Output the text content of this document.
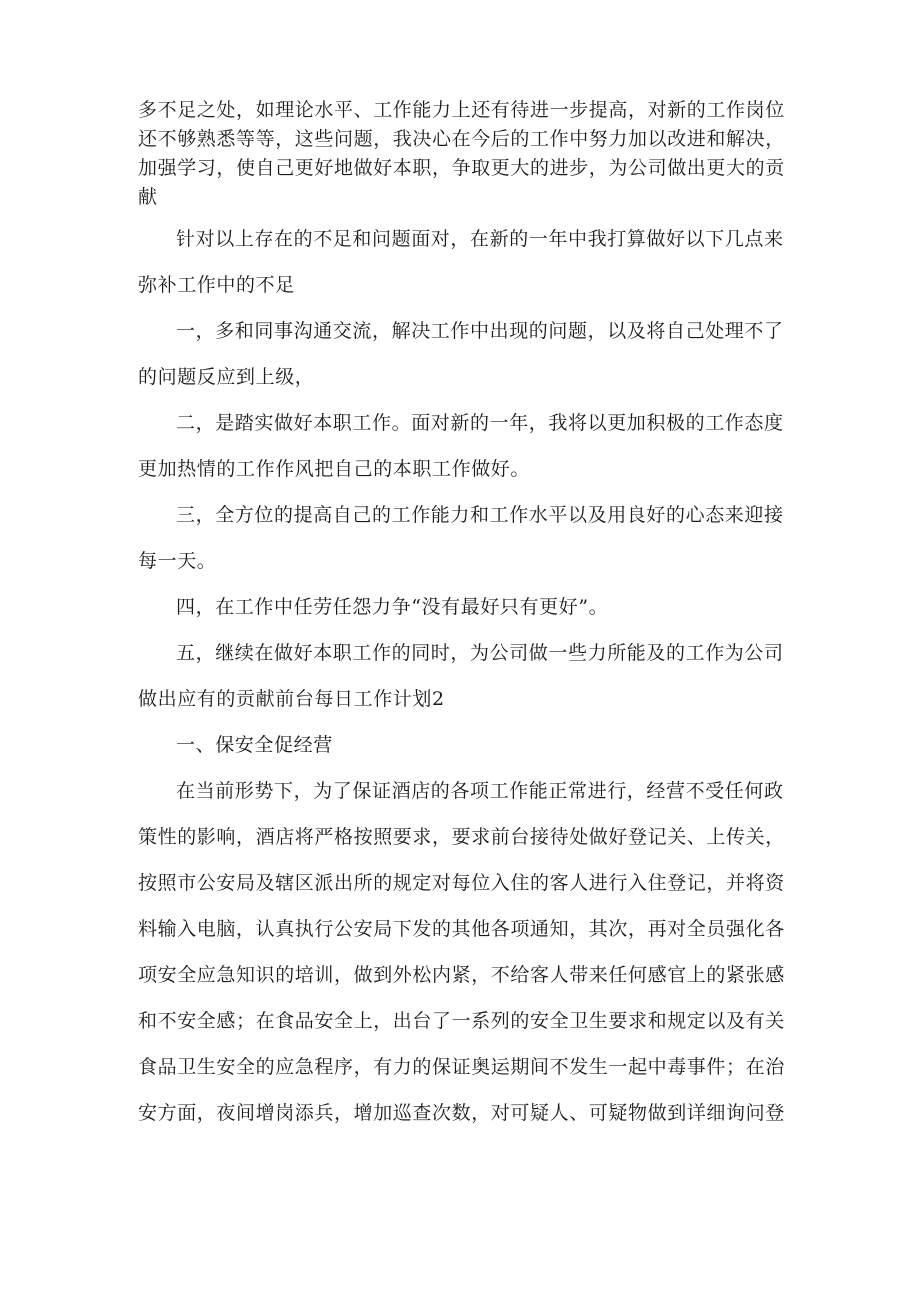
多不足之处，如理论水平、工作能力上还有待进一步提高，对新的工作岗位还不够熟悉等等，这些问题，我决心在今后的工作中努力加以改进和解决，加强学习，使自己更好地做好本职，争取更大的进步，为公司做出更大的贡献

针对以上存在的不足和问题面对，在新的一年中我打算做好以下几点来弥补工作中的不足

一，多和同事沟通交流，解决工作中出现的问题，以及将自己处理不了的问题反应到上级，

二，是踏实做好本职工作。面对新的一年，我将以更加积极的工作态度更加热情的工作作风把自己的本职工作做好。

三，全方位的提高自己的工作能力和工作水平以及用良好的心态来迎接每一天。

四，在工作中任劳任怨力争“没有最好只有更好”。

五，继续在做好本职工作的同时，为公司做一些力所能及的工作为公司做出应有的贡献前台每日工作计划2

一、保安全促经营

在当前形势下，为了保证酒店的各项工作能正常进行，经营不受任何政策性的影响，酒店将严格按照要求，要求前台接待处做好登记关、上传关，按照市公安局及辖区派出所的规定对每位入住的客人进行入住登记，并将资料输入电脑，认真执行公安局下发的其他各项通知，其次，再对全员强化各项安全应急知识的培训，做到外松内紧，不给客人带来任何感官上的紧张感和不安全感；在食品安全上，出台了一系列的安全卫生要求和规定以及有关食品卫生安全的应急程序，有力的保证奥运期间不发生一起中毒事件；在治安方面，夜间增岗添兵，增加巡查次数，对可疑人、可疑物做到详细询问登
